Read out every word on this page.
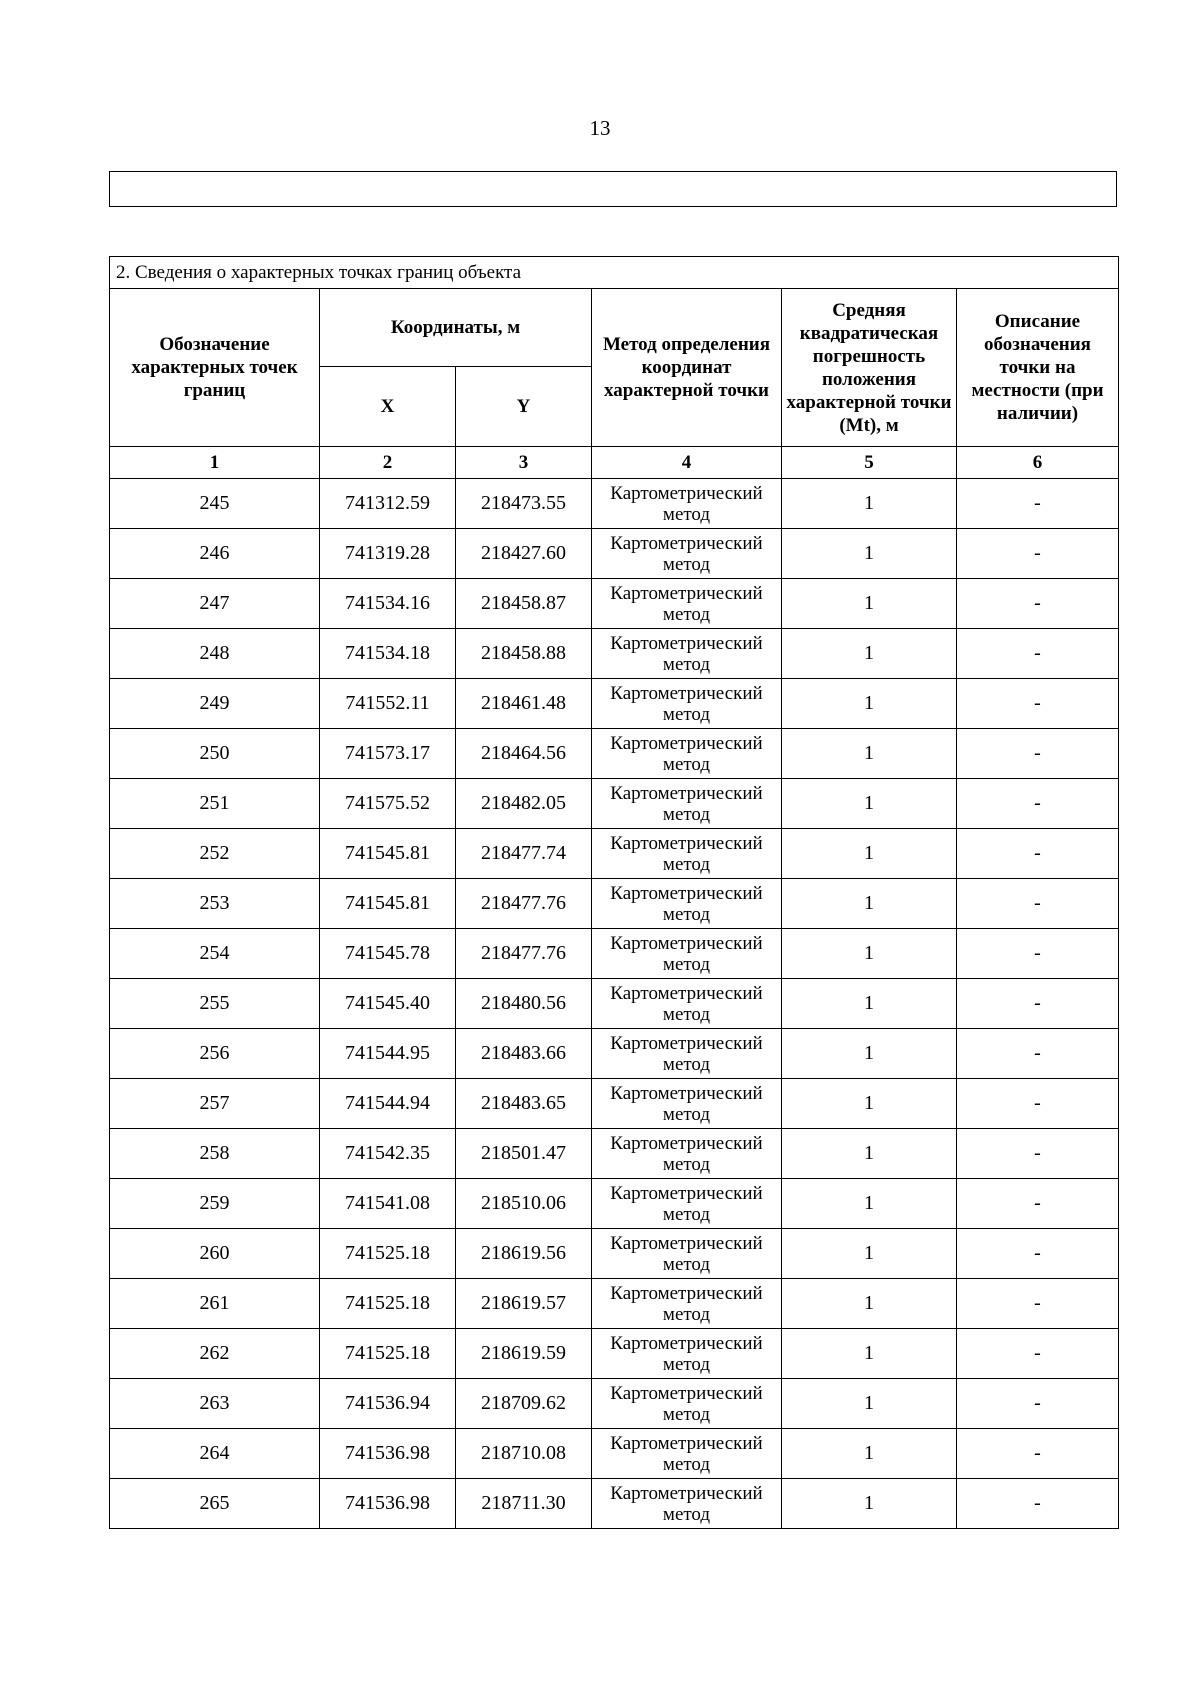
13
2. Сведения о характерных точках границ объекта					
Обозначение характерных точек границ	Координаты, м		Метод определения координат характерной точки	Средняя квадратическая погрешность положения характерной точки (Mt), м	Описание обозначения точки на местности (при наличии)
	X	Y			
1	2	3	4	5	6
245	741312.59	218473.55	Картометрический метод	1	-
246	741319.28	218427.60	Картометрический метод	1	-
247	741534.16	218458.87	Картометрический метод	1	-
248	741534.18	218458.88	Картометрический метод	1	-
249	741552.11	218461.48	Картометрический метод	1	-
250	741573.17	218464.56	Картометрический метод	1	-
251	741575.52	218482.05	Картометрический метод	1	-
252	741545.81	218477.74	Картометрический метод	1	-
253	741545.81	218477.76	Картометрический метод	1	-
254	741545.78	218477.76	Картометрический метод	1	-
255	741545.40	218480.56	Картометрический метод	1	-
256	741544.95	218483.66	Картометрический метод	1	-
257	741544.94	218483.65	Картометрический метод	1	-
258	741542.35	218501.47	Картометрический метод	1	-
259	741541.08	218510.06	Картометрический метод	1	-
260	741525.18	218619.56	Картометрический метод	1	-
261	741525.18	218619.57	Картометрический метод	1	-
262	741525.18	218619.59	Картометрический метод	1	-
263	741536.94	218709.62	Картометрический метод	1	-
264	741536.98	218710.08	Картометрический метод	1	-
265	741536.98	218711.30	Картометрический метод	1	-
